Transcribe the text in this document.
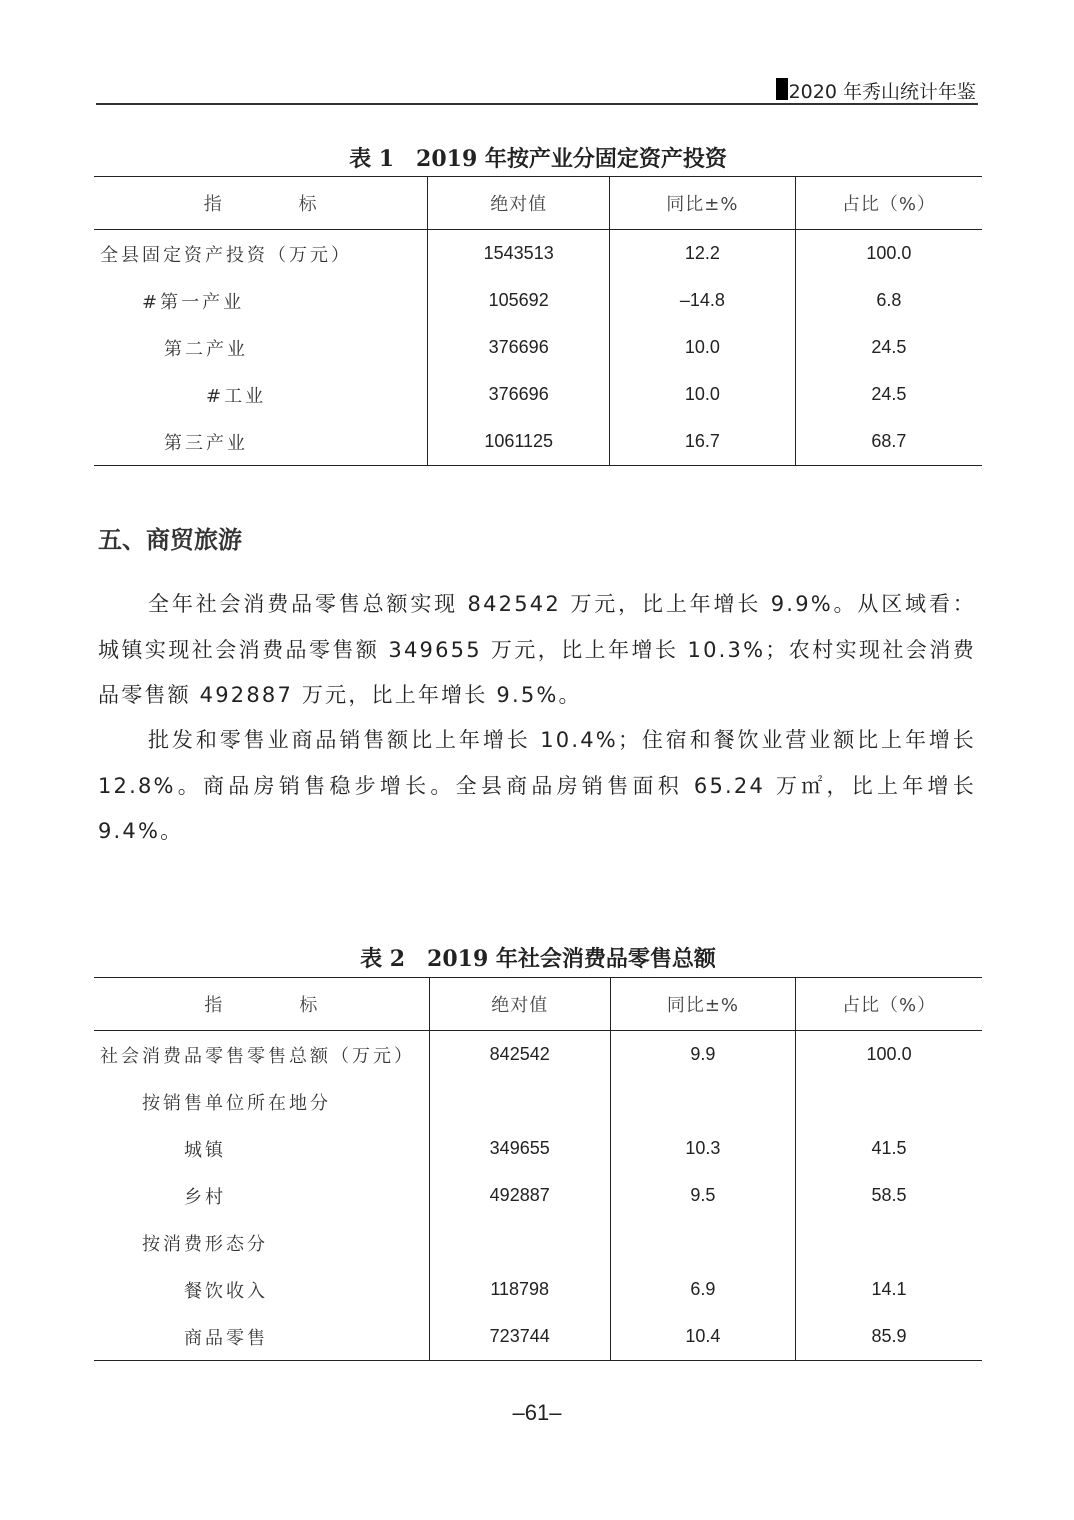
2020 年秀山统计年鉴
表 1　2019 年按产业分固定资产投资
指　　　　标	绝对值	同比±%	占比（%）
全县固定资产投资（万元）	1543513	12.2	100.0
#第一产业	105692	–14.8	6.8
第二产业	376696	10.0	24.5
#工业	376696	10.0	24.5
第三产业	1061125	16.7	68.7
五、商贸旅游

全年社会消费品零售总额实现 842542 万元，比上年增长 9.9%。从区域看：城镇实现社会消费品零售额 349655 万元，比上年增长 10.3%；农村实现社会消费品零售额 492887 万元，比上年增长 9.5%。

批发和零售业商品销售额比上年增长 10.4%；住宿和餐饮业营业额比上年增长 12.8%。商品房销售稳步增长。全县商品房销售面积 65.24 万㎡，比上年增长 9.4%。

表 2　2019 年社会消费品零售总额
指　　　　标	绝对值	同比±%	占比（%）
社会消费品零售零售总额（万元）	842542	9.9	100.0
按销售单位所在地分			
城镇	349655	10.3	41.5
乡村	492887	9.5	58.5
按消费形态分			
餐饮收入	118798	6.9	14.1
商品零售	723744	10.4	85.9
–61–
